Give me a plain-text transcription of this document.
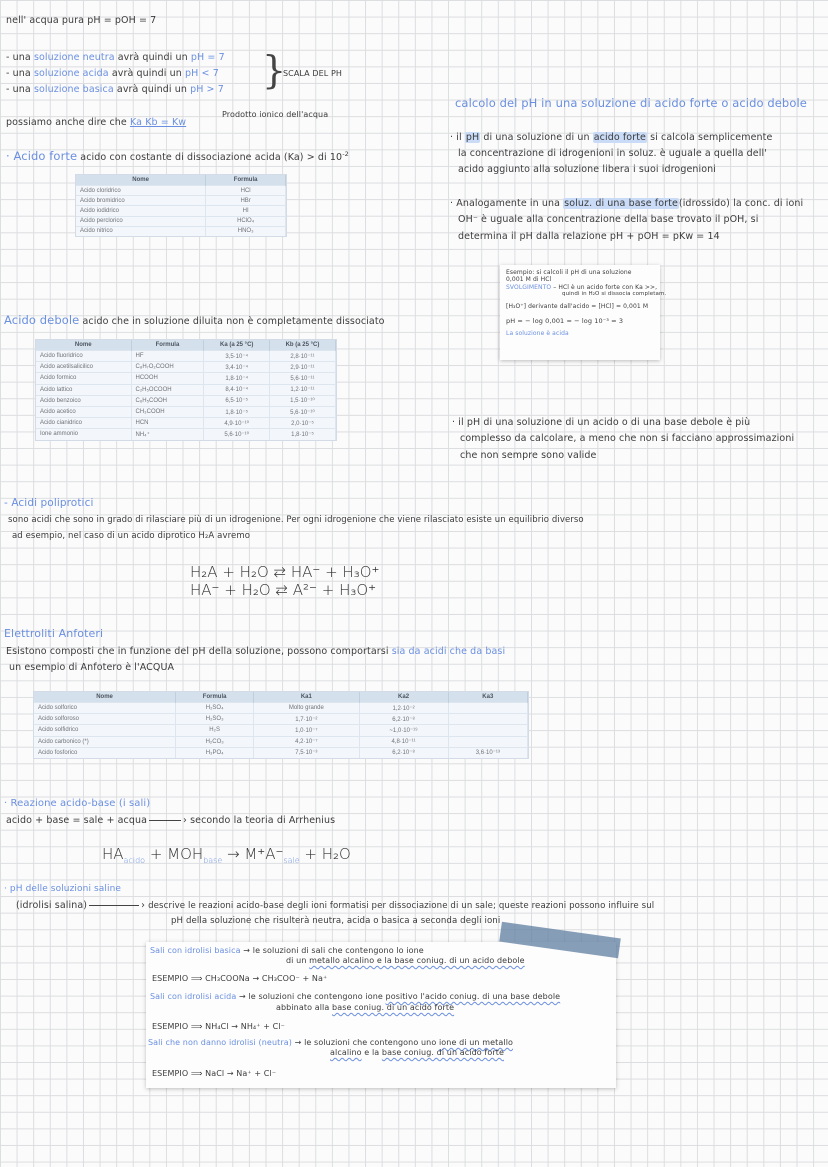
nell' acqua pura pH = pOH = 7
- una soluzione neutra avrà quindi un pH = 7
- una soluzione acida avrà quindi un pH < 7
- una soluzione basica avrà quindi un pH > 7 }
SCALA DEL PH
possiamo anche dire che Ka Kb = Kw
Prodotto ionico dell'acqua
· Acido forte acido con costante di dissociazione acida (Ka) > di $10^{-2}$
Nome	Formula
Acido cloridrico	HCl
Acido bromidrico	HBr
Acido iodidrico	HI
Acido perclorico	HClO₄
Acido nitrico	HNO₃
Acido debole acido che in soluzione diluita non è completamente dissociato
Nome	Formula	Ka (a 25 °C)	Kb (a 25 °C)
Acido fluoridrico	HF	3,5·10⁻⁴	2,8·10⁻¹¹
Acido acetilsalicilico	C₈H₇O₂COOH	3,4·10⁻⁴	2,9·10⁻¹¹
Acido formico	HCOOH	1,8·10⁻⁴	5,6·10⁻¹¹
Acido lattico	C₂H₅OCOOH	8,4·10⁻⁴	1,2·10⁻¹¹
Acido benzoico	C₆H₅COOH	6,5·10⁻⁵	1,5·10⁻¹⁰
Acido acetico	CH₃COOH	1,8·10⁻⁵	5,6·10⁻¹⁰
Acido cianidrico	HCN	4,9·10⁻¹⁰	2,0·10⁻⁵
Ione ammonio	NH₄⁺	5,6·10⁻¹⁰	1,8·10⁻⁵
calcolo del pH in una soluzione di acido forte o acido debole
· il pH di una soluzione di un acido forte si calcola semplicemente
la concentrazione di idrogenioni in soluz. è uguale a quella dell'
acido aggiunto alla soluzione libera i suoi idrogenioni
· Analogamente in una soluz. di una base forte(idrossido) la conc. di ioni
OH⁻ è uguale alla concentrazione della base trovato il pOH, si
determina il pH dalla relazione pH + pOH = pKw = 14
Esempio: si calcoli il pH di una soluzione
0,001 M di HCl
SVOLGIMENTO – HCl è un acido forte con Ka >>,
quindi in H₂O si dissocia completam.
[H₃O⁺] derivante dall'acido = [HCl] = 0,001 M
pH = − log 0,001 = − log 10⁻³ = 3
La soluzione è acida
· il pH di una soluzione di un acido o di una base debole è più
complesso da calcolare, a meno che non si facciano approssimazioni
che non sempre sono valide
- Acidi poliprotici
sono acidi che sono in grado di rilasciare più di un idrogenione. Per ogni idrogenione che viene rilasciato esiste un equilibrio diverso
ad esempio, nel caso di un acido diprotico H₂A avremo
H₂A + H₂O ⇄ HA⁻ + H₃O⁺
HA⁻ + H₂O ⇄ A²⁻ + H₃O⁺
Elettroliti Anfoteri
Esistono composti che in funzione del pH della soluzione, possono comportarsi sia da acidi che da basi
un esempio di Anfotero è l'ACQUA
Nome	Formula	Ka1	Ka2	Ka3
Acido solforico	H₂SO₄	Molto grande	1,2·10⁻²	
Acido solforoso	H₂SO₃	1,7·10⁻²	6,2·10⁻⁸	
Acido solfidrico	H₂S	1,0·10⁻⁷	~1,0·10⁻¹⁹	
Acido carbonico (*)	H₂CO₃	4,2·10⁻⁷	4,8·10⁻¹¹	
Acido fosforico	H₃PO₄	7,5·10⁻³	6,2·10⁻⁸	3,6·10⁻¹³
· Reazione acido-base (i sali)
acido + base = sale + acqua	› secondo la teoria di Arrhenius
$HA_{acido} + MOH_{base} \to M^+A^-_{sale} + H_2O$
· pH delle soluzioni saline
(idrolisi salina)	› descrive le reazioni acido-base degli ioni formatisi per dissociazione di un sale; queste reazioni possono influire sul
pH della soluzione che risulterà neutra, acida o basica a seconda degli ioni
Sali con idrolisi basica → le soluzioni di sali che contengono lo ione
di un metallo alcalino e la base coniug. di un acido debole
ESEMPIO ⟹ CH₃COONa → CH₃COO⁻ + Na⁺
Sali con idrolisi acida → le soluzioni che contengono ione positivo l'acido coniug. di una base debole
abbinato alla base coniug. di un acido forte
ESEMPIO ⟹ NH₄Cl → NH₄⁺ + Cl⁻
Sali che non danno idrolisi (neutra) → le soluzioni che contengono uno ione di un metallo
alcalino e la base coniug. di un acido forte
ESEMPIO ⟹ NaCl → Na⁺ + Cl⁻
